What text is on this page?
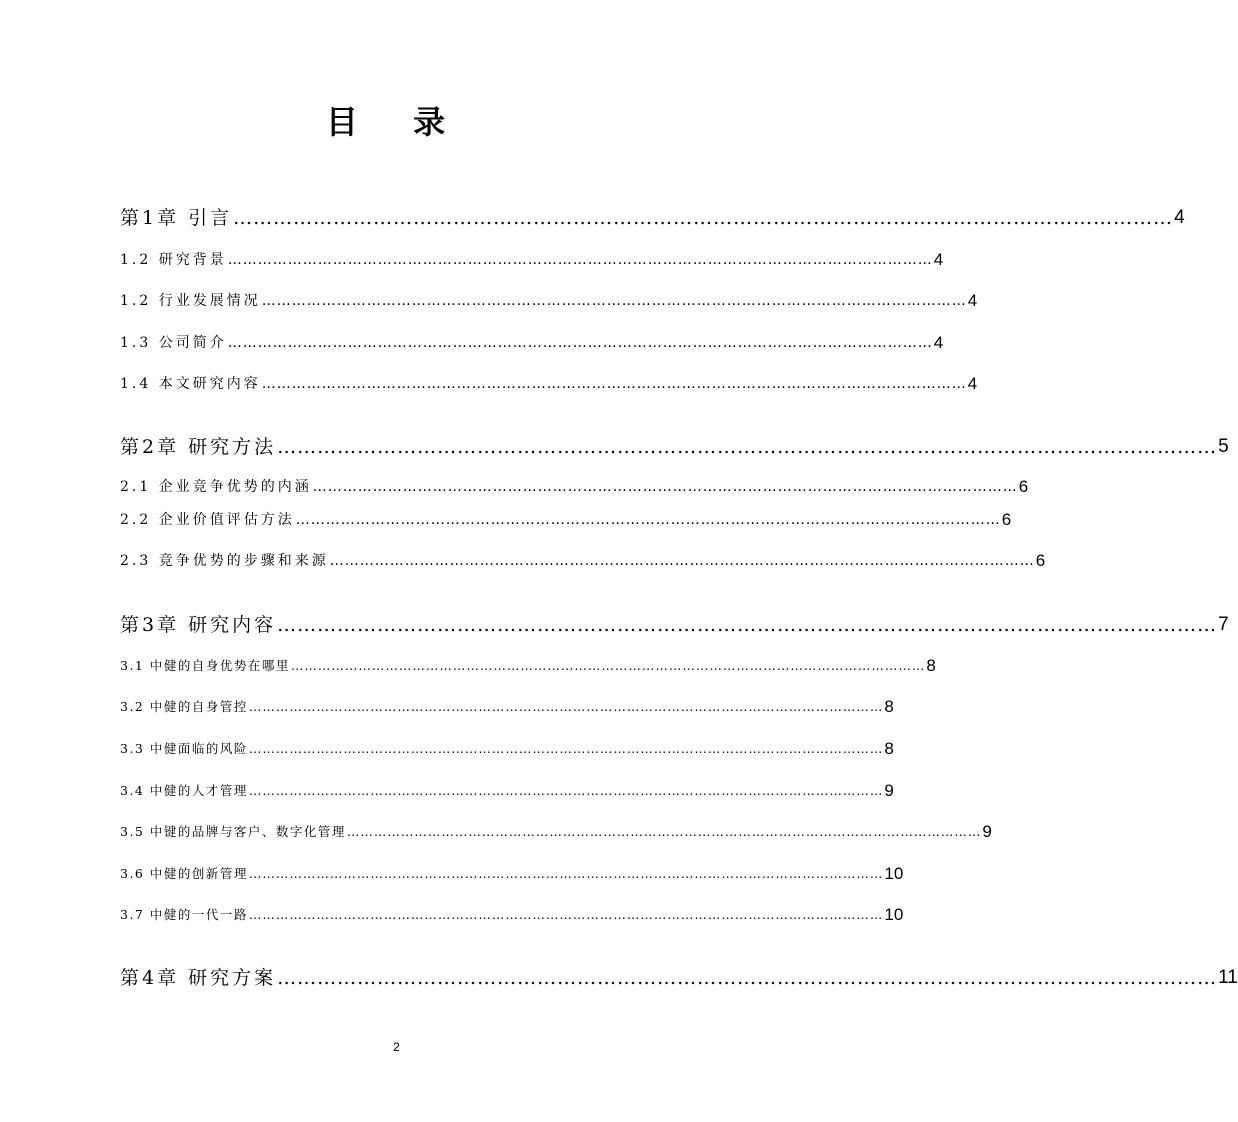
目 录
第1章 引言 …………………………………………………………………………………………………………………………… 4
1.2 研究背景 …………………………………………………………………………………………………………………………… 4
1.2 行业发展情况 …………………………………………………………………………………………………………………………… 4
1.3 公司简介 …………………………………………………………………………………………………………………………… 4
1.4 本文研究内容 …………………………………………………………………………………………………………………………… 4
第2章 研究方法 …………………………………………………………………………………………………………………………… 5
2.1 企业竞争优势的内涵 …………………………………………………………………………………………………………………………… 6
2.2 企业价值评估方法 …………………………………………………………………………………………………………………………… 6
2.3 竞争优势的步骤和来源 …………………………………………………………………………………………………………………………… 6
第3章 研究内容 …………………………………………………………………………………………………………………………… 7
3.1 中健的自身优势在哪里 …………………………………………………………………………………………………………………………… 8
3.2 中健的自身管控 …………………………………………………………………………………………………………………………… 8
3.3 中健面临的风险 …………………………………………………………………………………………………………………………… 8
3.4 中健的人才管理 …………………………………………………………………………………………………………………………… 9
3.5 中键的品牌与客户、数字化管理 …………………………………………………………………………………………………………………………… 9
3.6 中健的创新管理 …………………………………………………………………………………………………………………………… 10
3.7 中健的一代一路 …………………………………………………………………………………………………………………………… 10
第4章 研究方案 …………………………………………………………………………………………………………………………… 11
2
